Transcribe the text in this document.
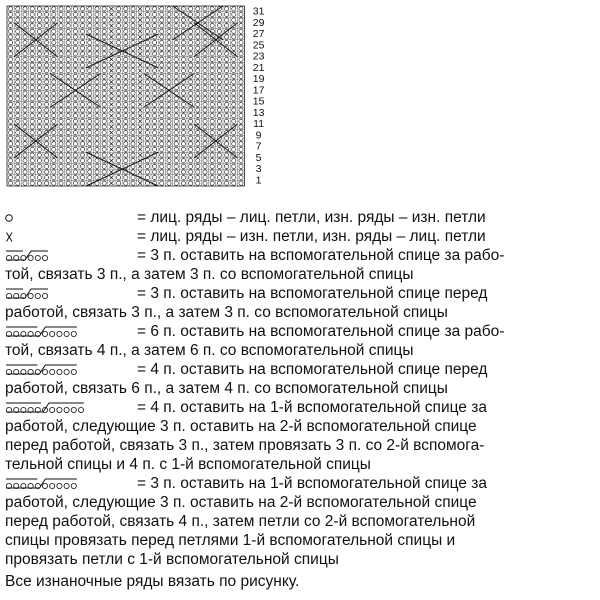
31
29
27
25
23
21
19
17
15
13
11
9
7
5
3
1
= лиц. ряды – лиц. петли, изн. ряды – изн. петли
= лиц. ряды – изн. петли, изн. ряды – лиц. петли
= 3 п. оставить на вспомогательной спице за рабо-
той, связать 3 п., а затем 3 п. со вспомогательной спицы
= 3 п. оставить на вспомогательной спице перед
работой, связать 3 п., а затем 3 п. со вспомогательной спицы
= 6 п. оставить на вспомогательной спице за рабо-
той, связать 4 п., а затем 6 п. со вспомогательной спицы
= 4 п. оставить на вспомогательной спице перед
работой, связать 6 п., а затем 4 п. со вспомогательной спицы
= 4 п. оставить на 1-й вспомогательной спице за
работой, следующие 3 п. оставить на 2-й вспомогательной спице
перед работой, связать 3 п., затем провязать 3 п. со 2-й вспомога-
тельной спицы и 4 п. с 1-й вспомогательной спицы
= 3 п. оставить на 1-й вспомогательной спице за
работой, следующие 3 п. оставить на 2-й вспомогательной спице
перед работой, связать 4 п., затем петли со 2-й вспомогательной
спицы провязать перед петлями 1-й вспомогательной спицы и
провязать петли с 1-й вспомогательной спицы
Все изнаночные ряды вязать по рисунку.
